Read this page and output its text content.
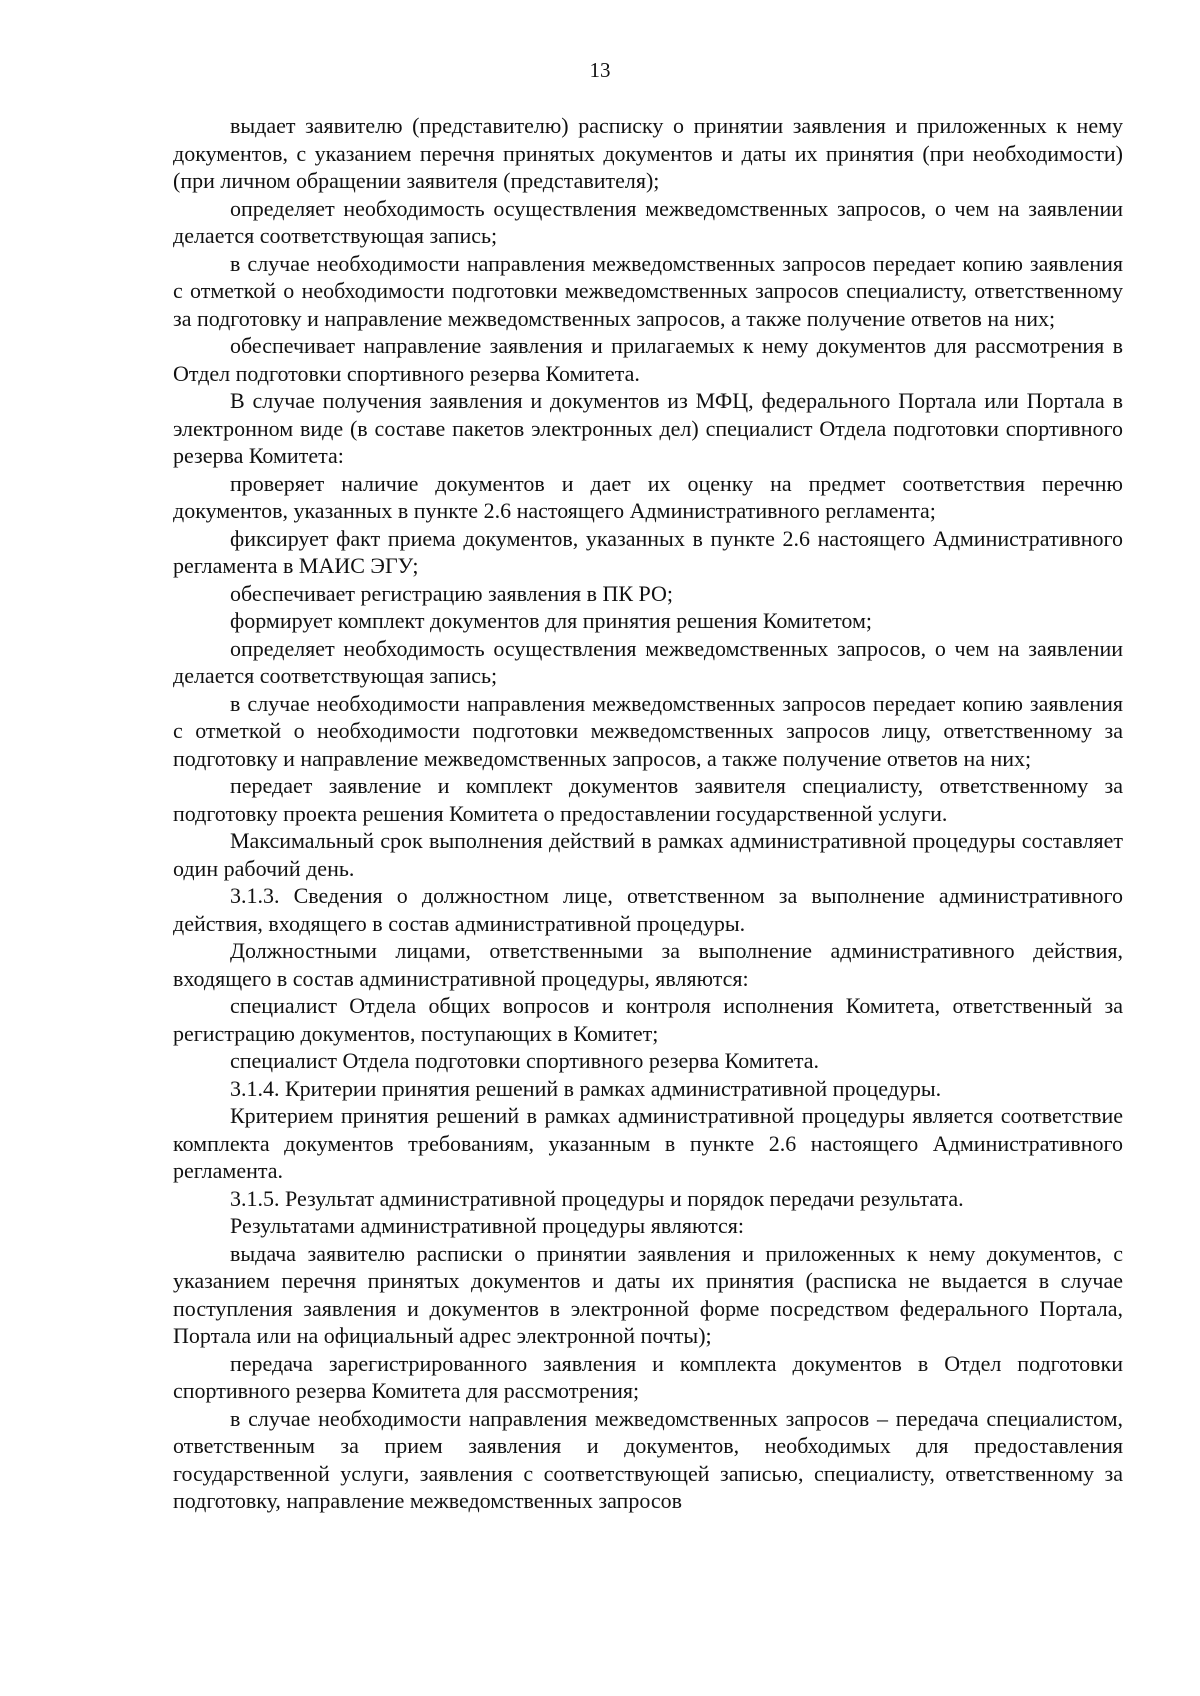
13

выдает заявителю (представителю) расписку о принятии заявления и приложенных к нему документов, с указанием перечня принятых документов и даты их принятия (при необходимости) (при личном обращении заявителя (представителя);

определяет необходимость осуществления межведомственных запросов, о чем на заявлении делается соответствующая запись;

в случае необходимости направления межведомственных запросов передает копию заявления с отметкой о необходимости подготовки межведомственных запросов специалисту, ответственному за подготовку и направление межведомственных запросов, а также получение ответов на них;

обеспечивает направление заявления и прилагаемых к нему документов для рассмотрения в Отдел подготовки спортивного резерва Комитета.

В случае получения заявления и документов из МФЦ, федерального Портала или Портала в электронном виде (в составе пакетов электронных дел) специалист Отдела подготовки спортивного резерва Комитета:

проверяет наличие документов и дает их оценку на предмет соответствия перечню документов, указанных в пункте 2.6 настоящего Административного регламента;

фиксирует факт приема документов, указанных в пункте 2.6 настоящего Административного регламента в МАИС ЭГУ;

обеспечивает регистрацию заявления в ПК РО;

формирует комплект документов для принятия решения Комитетом;

определяет необходимость осуществления межведомственных запросов, о чем на заявлении делается соответствующая запись;

в случае необходимости направления межведомственных запросов передает копию заявления с отметкой о необходимости подготовки межведомственных запросов лицу, ответственному за подготовку и направление межведомственных запросов, а также получение ответов на них;

передает заявление и комплект документов заявителя специалисту, ответственному за подготовку проекта решения Комитета о предоставлении государственной услуги.

Максимальный срок выполнения действий в рамках административной процедуры составляет один рабочий день.

3.1.3. Сведения о должностном лице, ответственном за выполнение административного действия, входящего в состав административной процедуры.

Должностными лицами, ответственными за выполнение административного действия, входящего в состав административной процедуры, являются:

специалист Отдела общих вопросов и контроля исполнения Комитета, ответственный за регистрацию документов, поступающих в Комитет;

специалист Отдела подготовки спортивного резерва Комитета.

3.1.4. Критерии принятия решений в рамках административной процедуры.

Критерием принятия решений в рамках административной процедуры является соответствие комплекта документов требованиям, указанным в пункте 2.6 настоящего Административного регламента.

3.1.5. Результат административной процедуры и порядок передачи результата.

Результатами административной процедуры являются:

выдача заявителю расписки о принятии заявления и приложенных к нему документов, с указанием перечня принятых документов и даты их принятия (расписка не выдается в случае поступления заявления и документов в электронной форме посредством федерального Портала, Портала или на официальный адрес электронной почты);

передача зарегистрированного заявления и комплекта документов в Отдел подготовки спортивного резерва Комитета для рассмотрения;

в случае необходимости направления межведомственных запросов – передача специалистом, ответственным за прием заявления и документов, необходимых для предоставления государственной услуги, заявления с соответствующей записью, специалисту, ответственному за подготовку, направление межведомственных запросов
